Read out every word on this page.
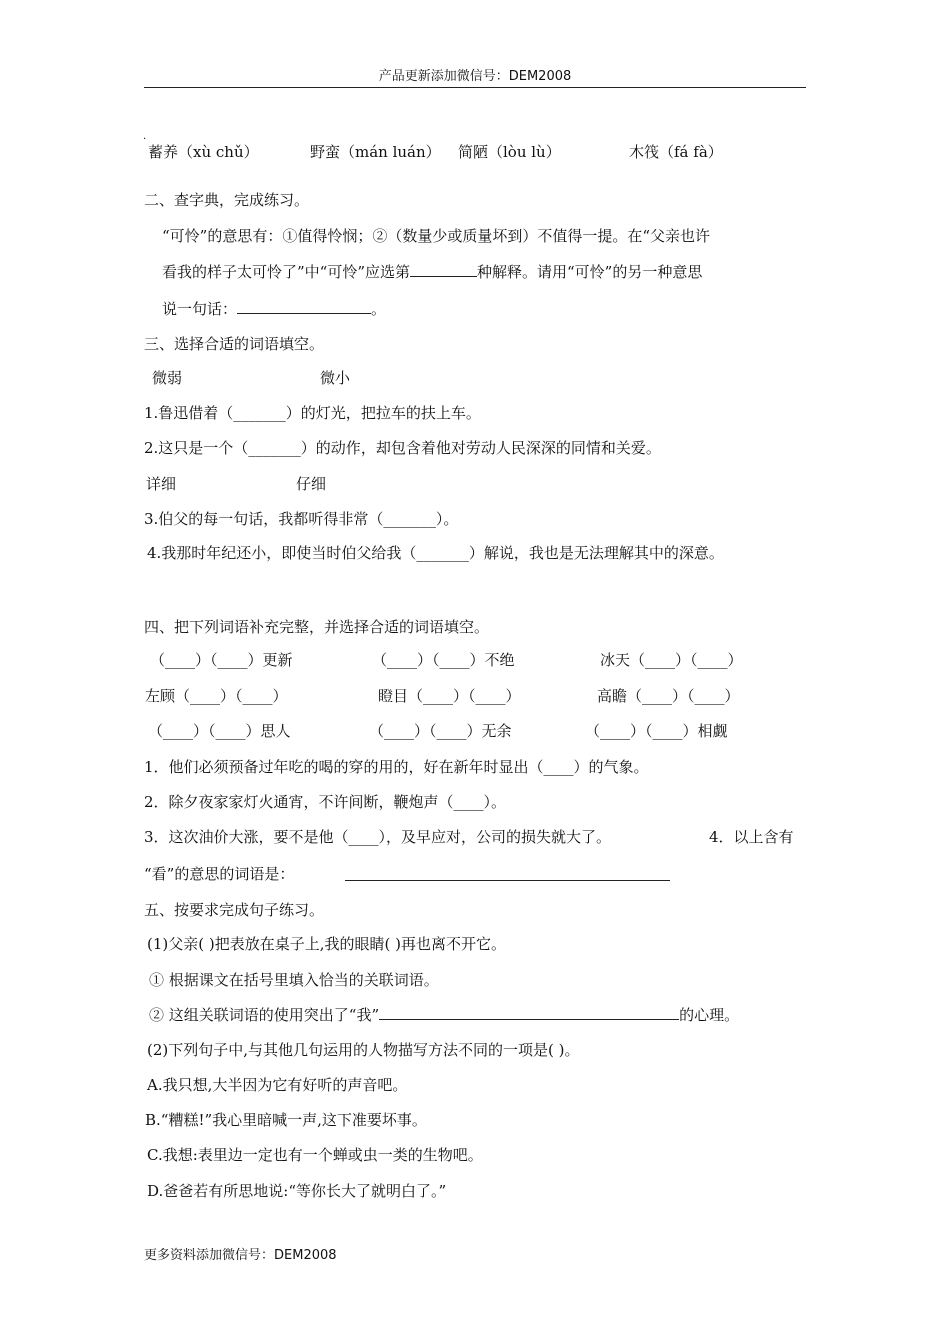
产品更新添加微信号：DEM2008
·
蓄养（xù chǔ）	野蛮（mán luán） 简陋（lòu lù）	木筏（fá fà）
二、查字典，完成练习。
“可怜”的意思有：①值得怜悯；②（数量少或质量坏到）不值得一提。在“父亲也许
看我的样子太可怜了”中“可怜”应选第	种解释。请用“可怜”的另一种意思
说一句话：	。
三、选择合适的词语填空。
微弱	微小
1.鲁迅借着（_______）的灯光，把拉车的扶上车。
2.这只是一个（_______）的动作，却包含着他对劳动人民深深的同情和关爱。
详细	仔细
3.伯父的每一句话，我都听得非常（_______）。
4.我那时年纪还小，即使当时伯父给我（_______）解说，我也是无法理解其中的深意。
四、把下列词语补充完整，并选择合适的词语填空。
（____）（____）更新	（____）（____）不绝	冰天（____）（____）
左顾（____）（____）	瞪目（____）（____）	高瞻（____）（____）
（____）（____）思人	（____）（____）无余	（____）（____）相觑
1．他们必须预备过年吃的喝的穿的用的，好在新年时显出（____）的气象。
2．除夕夜家家灯火通宵，不许间断，鞭炮声（____）。
3．这次油价大涨，要不是他（____），及早应对，公司的损失就大了。	4．以上含有
“看”的意思的词语是：
五、按要求完成句子练习。
(1)父亲( )把表放在桌子上,我的眼睛( )再也离不开它。
① 根据课文在括号里填入恰当的关联词语。
② 这组关联词语的使用突出了“我”	的心理。
(2)下列句子中,与其他几句运用的人物描写方法不同的一项是( )。
A.我只想,大半因为它有好听的声音吧。
B.“糟糕!”我心里暗喊一声,这下准要坏事。
C.我想:表里边一定也有一个蝉或虫一类的生物吧。
D.爸爸若有所思地说:“等你长大了就明白了。”
更多资料添加微信号：DEM2008
